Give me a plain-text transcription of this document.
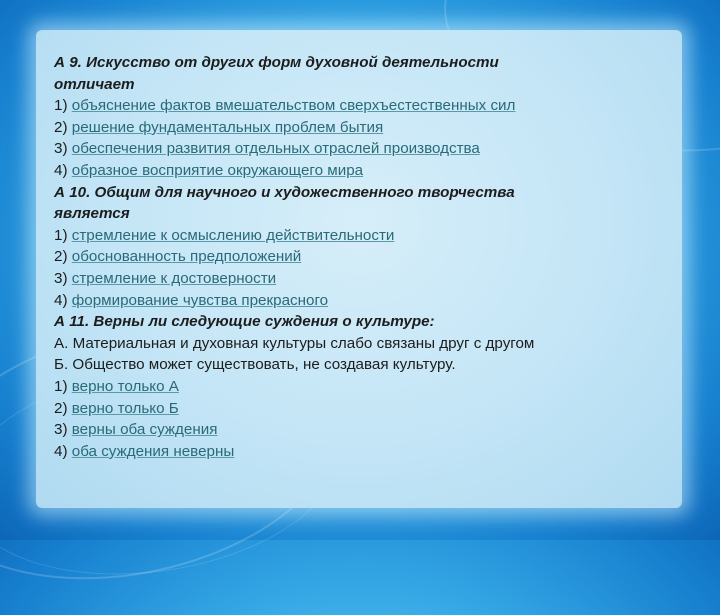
А 9. Искусство от других форм духовной деятельности
отличает
1) объяснение фактов вмешательством сверхъестественных сил
2) решение фундаментальных проблем бытия
3) обеспечения развития отдельных отраслей производства
4) образное восприятие окружающего мира
А 10. Общим для научного и художественного творчества
является
1) стремление к осмыслению действительности
2) обоснованность предположений
3) стремление к достоверности
4) формирование чувства прекрасного
А 11. Верны ли следующие суждения о культуре:
А. Материальная и духовная культуры слабо связаны друг с другом
Б. Общество может существовать, не создавая культуру.
1) верно только А
2) верно только Б
3) верны оба суждения
4) оба суждения неверны
